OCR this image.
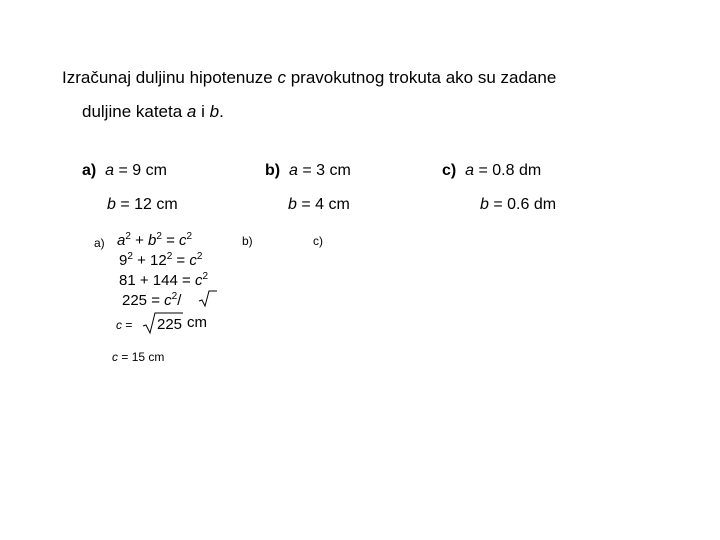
Izračunaj duljinu hipotenuze c pravokutnog trokuta ako su zadane
duljine kateta a i b.
a) a = 9 cm
b = 12 cm
b) a = 3 cm
b = 4 cm
c) a = 0.8 dm
b = 0.6 dm
a)	b)	c)
$a^2 + b^2 = c^2$
$9^2 + 12^2 = c^2$
$81 + 144 = c^2$
$225 = c^2/$
c = 225 cm
c = 15 cm
